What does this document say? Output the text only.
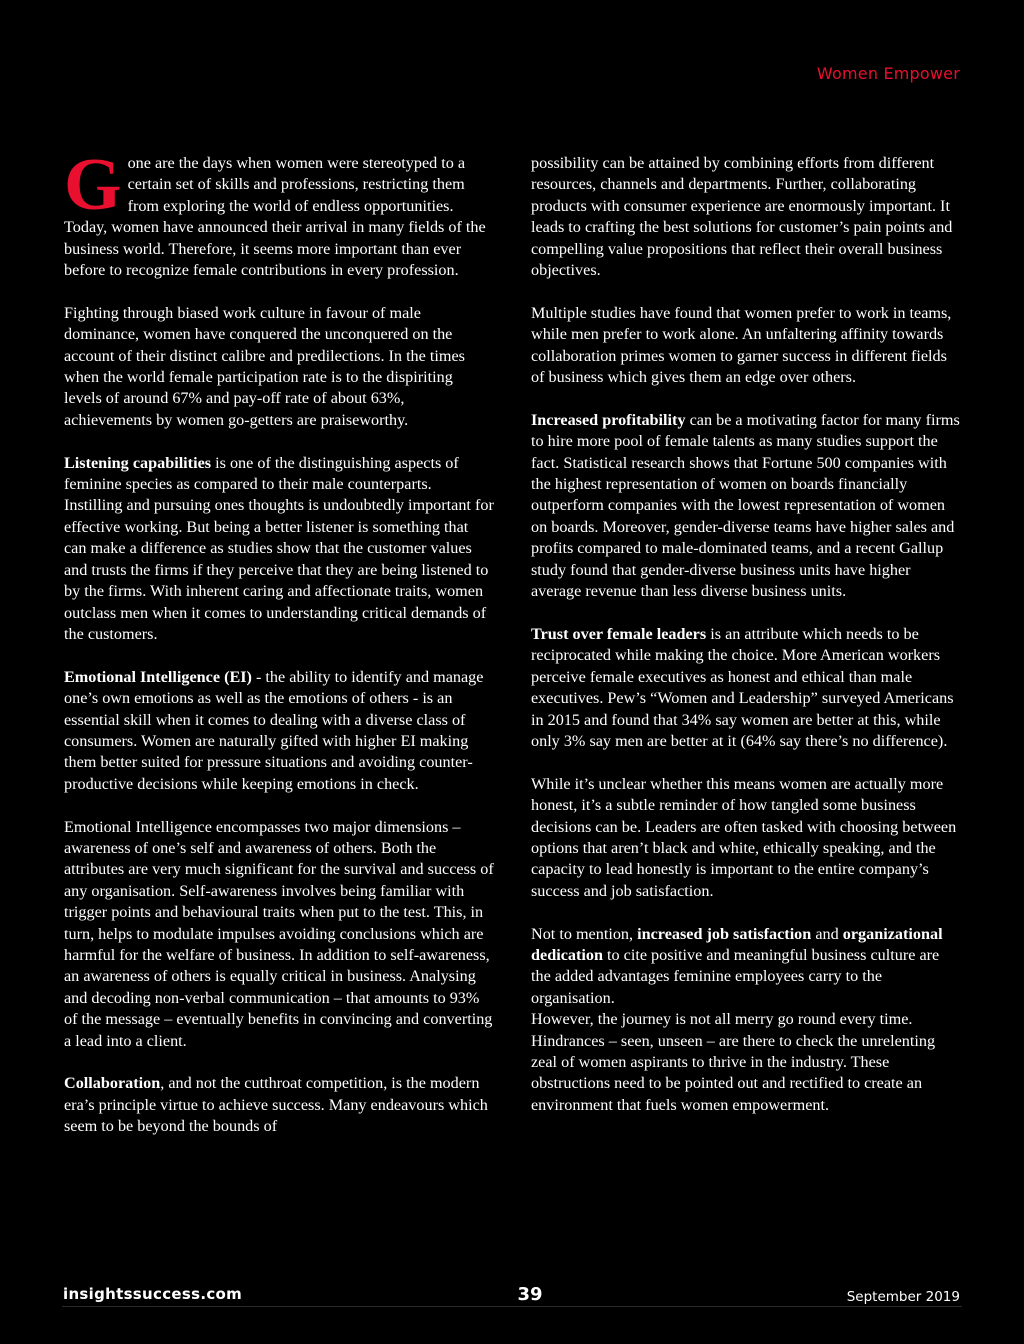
Women Empower

Gone are the days when women were stereotyped to a certain set of skills and professions, restricting them from exploring the world of endless opportunities. Today, women have announced their arrival in many fields of the business world. Therefore, it seems more important than ever before to recognize female contributions in every profession.

Fighting through biased work culture in favour of male dominance, women have conquered the unconquered on the account of their distinct calibre and predilections. In the times when the world female participation rate is to the dispiriting levels of around 67% and pay-off rate of about 63%, achievements by women go-getters are praiseworthy.

Listening capabilities is one of the distinguishing aspects of feminine species as compared to their male counterparts. Instilling and pursuing ones thoughts is undoubtedly important for effective working. But being a better listener is something that can make a difference as studies show that the customer values and trusts the firms if they perceive that they are being listened to by the firms. With inherent caring and affectionate traits, women outclass men when it comes to understanding critical demands of the customers.

Emotional Intelligence (EI) - the ability to identify and manage one’s own emotions as well as the emotions of others - is an essential skill when it comes to dealing with a diverse class of consumers. Women are naturally gifted with higher EI making them better suited for pressure situations and avoiding counter-productive decisions while keeping emotions in check.

Emotional Intelligence encompasses two major dimensions – awareness of one’s self and awareness of others. Both the attributes are very much significant for the survival and success of any organisation. Self-awareness involves being familiar with trigger points and behavioural traits when put to the test. This, in turn, helps to modulate impulses avoiding conclusions which are harmful for the welfare of business. In addition to self-awareness, an awareness of others is equally critical in business. Analysing and decoding non-verbal communication – that amounts to 93% of the message – eventually benefits in convincing and converting a lead into a client.

Collaboration, and not the cutthroat competition, is the modern era’s principle virtue to achieve success. Many endeavours which seem to be beyond the bounds of

possibility can be attained by combining efforts from different resources, channels and departments. Further, collaborating products with consumer experience are enormously important. It leads to crafting the best solutions for customer’s pain points and compelling value propositions that reflect their overall business objectives.

Multiple studies have found that women prefer to work in teams, while men prefer to work alone. An unfaltering affinity towards collaboration primes women to garner success in different fields of business which gives them an edge over others.

Increased profitability can be a motivating factor for many firms to hire more pool of female talents as many studies support the fact. Statistical research shows that Fortune 500 companies with the highest representation of women on boards financially outperform companies with the lowest representation of women on boards. Moreover, gender-diverse teams have higher sales and profits compared to male-dominated teams, and a recent Gallup study found that gender-diverse business units have higher average revenue than less diverse business units.

Trust over female leaders is an attribute which needs to be reciprocated while making the choice. More American workers perceive female executives as honest and ethical than male executives. Pew’s “Women and Leadership” surveyed Americans in 2015 and found that 34% say women are better at this, while only 3% say men are better at it (64% say there’s no difference).

While it’s unclear whether this means women are actually more honest, it’s a subtle reminder of how tangled some business decisions can be. Leaders are often tasked with choosing between options that aren’t black and white, ethically speaking, and the capacity to lead honestly is important to the entire company’s success and job satisfaction.

Not to mention, increased job satisfaction and organizational dedication to cite positive and meaningful business culture are the added advantages feminine employees carry to the organisation.

However, the journey is not all merry go round every time. Hindrances – seen, unseen – are there to check the unrelenting zeal of women aspirants to thrive in the industry. These obstructions need to be pointed out and rectified to create an environment that fuels women empowerment.

insightssuccess.com	39	September 2019
